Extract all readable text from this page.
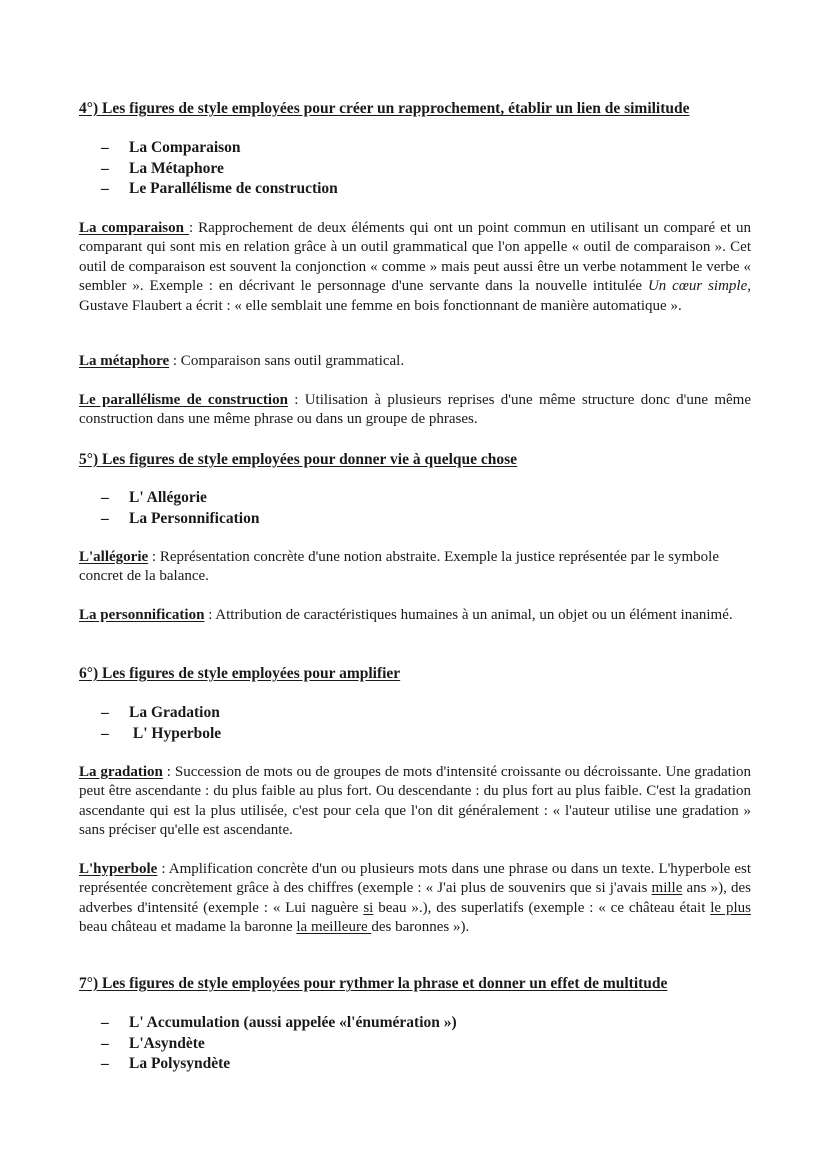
4°) Les figures de style employées pour créer un rapprochement, établir un lien de similitude
– La Comparaison
– La Métaphore
– Le Parallélisme de construction

La comparaison : Rapprochement de deux éléments qui ont un point commun en utilisant un comparé et un comparant qui sont mis en relation grâce à un outil grammatical que l'on appelle « outil de comparaison ». Cet outil de comparaison est souvent la conjonction « comme » mais peut aussi être un verbe notamment le verbe « sembler ». Exemple : en décrivant le personnage d'une servante dans la nouvelle intitulée Un cœur simple, Gustave Flaubert a écrit : « elle semblait une femme en bois fonctionnant de manière automatique ».

La métaphore : Comparaison sans outil grammatical.

Le parallélisme de construction : Utilisation à plusieurs reprises d'une même structure donc d'une même construction dans une même phrase ou dans un groupe de phrases.

5°) Les figures de style employées pour donner vie à quelque chose
– L' Allégorie
– La Personnification

L'allégorie : Représentation concrète d'une notion abstraite. Exemple la justice représentée par le symbole concret de la balance.

La personnification : Attribution de caractéristiques humaines à un animal, un objet ou un élément inanimé.

6°) Les figures de style employées pour amplifier
– La Gradation
– L' Hyperbole

La gradation : Succession de mots ou de groupes de mots d'intensité croissante ou décroissante. Une gradation peut être ascendante : du plus faible au plus fort. Ou descendante : du plus fort au plus faible. C'est la gradation ascendante qui est la plus utilisée, c'est pour cela que l'on dit généralement : « l'auteur utilise une gradation » sans préciser qu'elle est ascendante.

L'hyperbole : Amplification concrète d'un ou plusieurs mots dans une phrase ou dans un texte. L'hyperbole est représentée concrètement grâce à des chiffres (exemple : « J'ai plus de souvenirs que si j'avais mille ans »), des adverbes d'intensité (exemple : « Lui naguère si beau ».), des superlatifs (exemple : « ce château était le plus beau château et madame la baronne la meilleure des baronnes »).

7°) Les figures de style employées pour rythmer la phrase et donner un effet de multitude
– L' Accumulation (aussi appelée «l'énumération »)
– L'Asyndète
– La Polysyndète
